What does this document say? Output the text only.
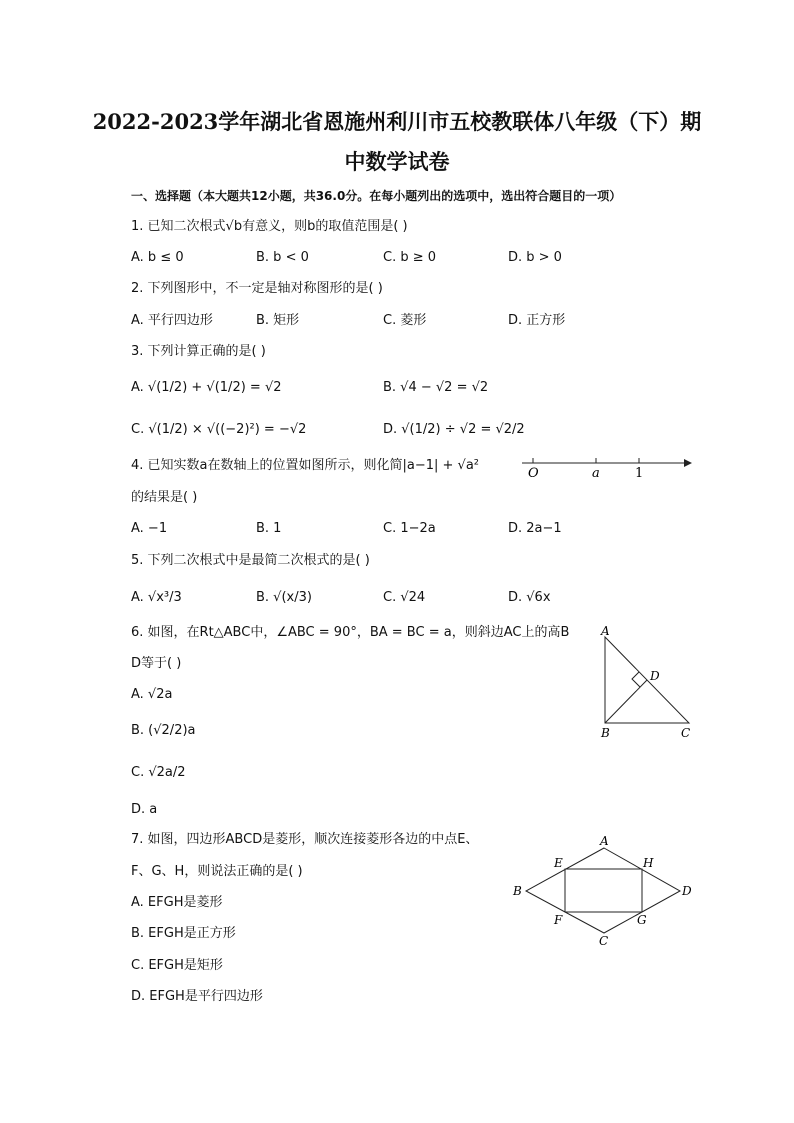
2022-2023学年湖北省恩施州利川市五校教联体八年级（下）期
中数学试卷
一、选择题（本大题共12小题，共36.0分。在每小题列出的选项中，选出符合题目的一项）
1. 已知二次根式√b有意义，则b的取值范围是( )
A. b ≤ 0	B. b < 0	C. b ≥ 0	D. b > 0
2. 下列图形中，不一定是轴对称图形的是( )
A. 平行四边形	B. 矩形	C. 菱形	D. 正方形
3. 下列计算正确的是( )
A. √(1/2) + √(1/2) = √2	B. √4 − √2 = √2
C. √(1/2) × √((−2)²) = −√2	D. √(1/2) ÷ √2 = √2/2
4. 已知实数a在数轴上的位置如图所示，则化简|a−1| + √a²
的结果是( )
O	a	1
A. −1	B. 1	C. 1−2a	D. 2a−1
5. 下列二次根式中是最简二次根式的是( )
A. √x³/3	B. √(x/3)	C. √24	D. √6x
6. 如图，在Rt△ABC中，∠ABC = 90°，BA = BC = a，则斜边AC上的高B
D等于( )
A. √2a
B. (√2/2)a
C. √2a/2
D. a
A
D
B	C
7. 如图，四边形ABCD是菱形，顺次连接菱形各边的中点E、
F、G、H，则说法正确的是( )
A. EFGH是菱形
B. EFGH是正方形
C. EFGH是矩形
D. EFGH是平行四边形
A
D
C
B
E	H
F	G
